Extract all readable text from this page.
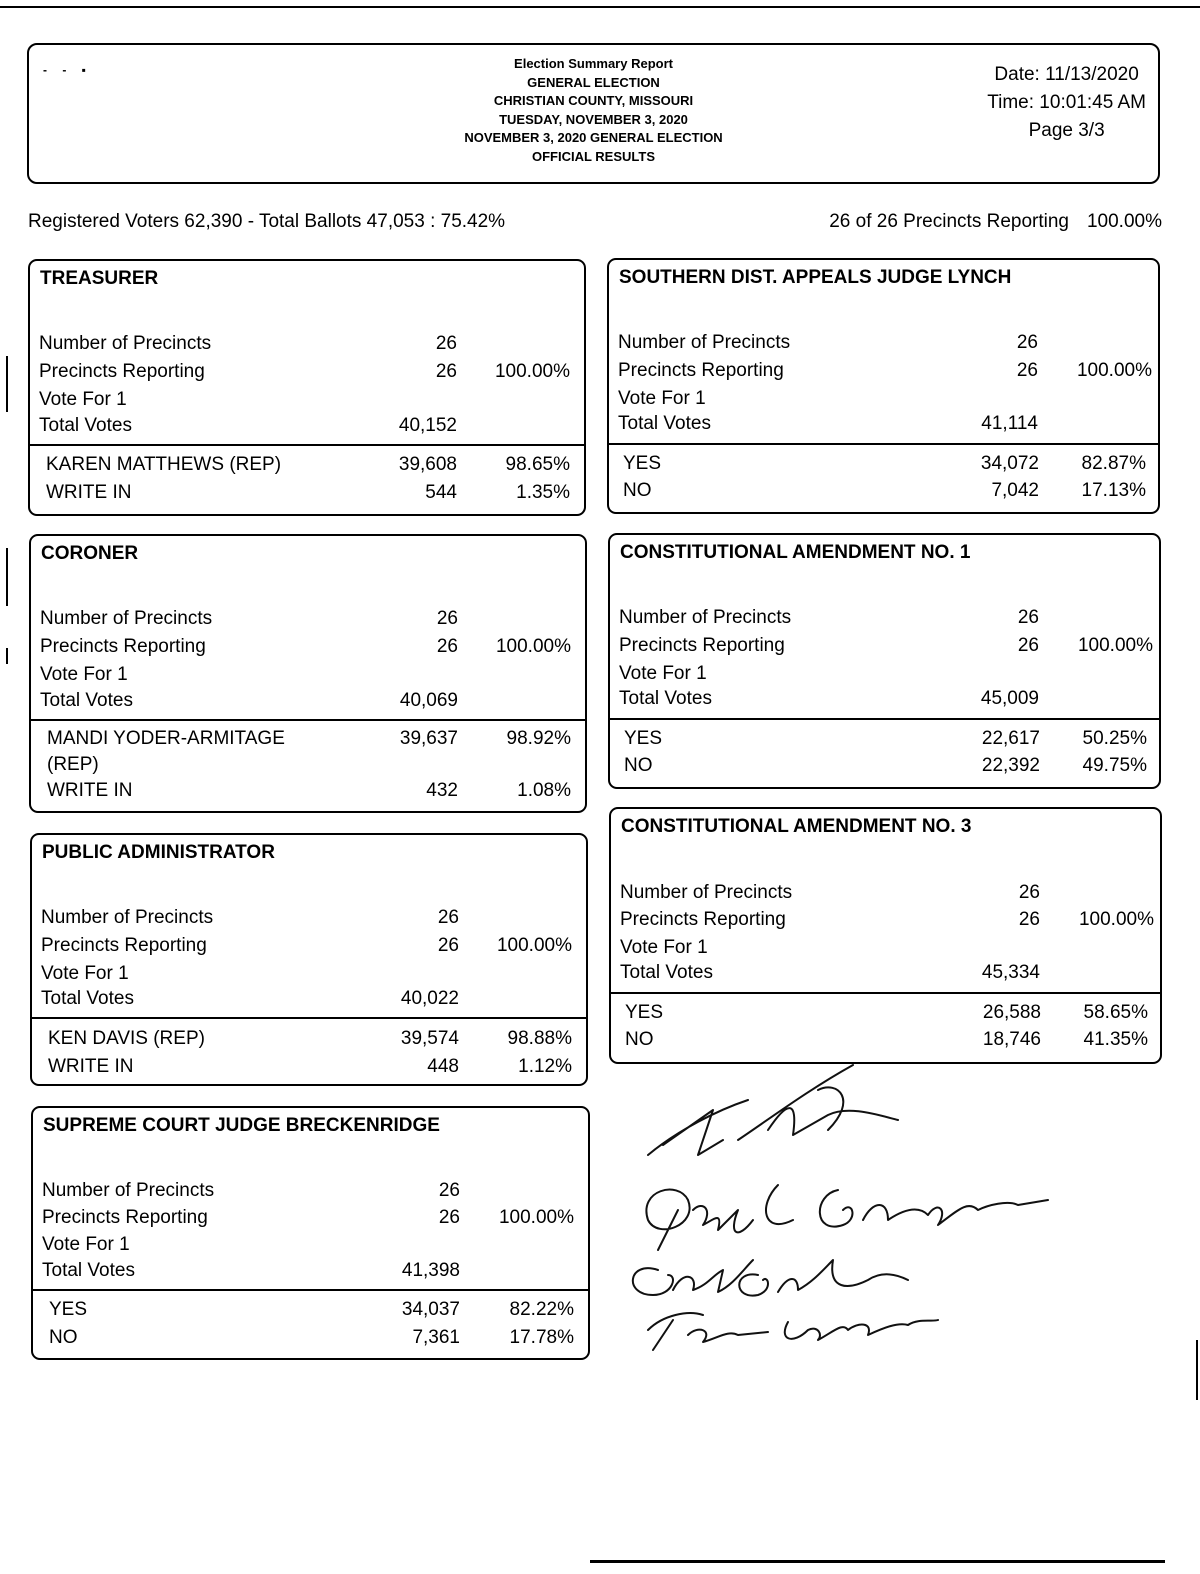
- - ▪	Election Summary Report
GENERAL ELECTION
CHRISTIAN COUNTY, MISSOURI
TUESDAY, NOVEMBER 3, 2020
NOVEMBER 3, 2020 GENERAL ELECTION
OFFICIAL RESULTS
Date: 11/13/2020
Time: 10:01:45 AM
Page 3/3
Registered Voters 62,390 - Total Ballots 47,053 : 75.42%	26 of 26 Precincts Reporting 100.00%
TREASURER
Number of Precincts	26
Precincts Reporting	26 100.00%
Vote For 1
Total Votes	40,152
KAREN MATTHEWS (REP)	39,608	98.65%
WRITE IN	544	1.35%
CORONER
Number of Precincts	26
Precincts Reporting	26 100.00%
Vote For 1
Total Votes	40,069
MANDI YODER-ARMITAGE	39,637	98.92%
(REP)
WRITE IN	432	1.08%
PUBLIC ADMINISTRATOR
Number of Precincts	26
Precincts Reporting	26 100.00%
Vote For 1
Total Votes	40,022
KEN DAVIS (REP)	39,574	98.88%
WRITE IN	448	1.12%
SUPREME COURT JUDGE BRECKENRIDGE
Number of Precincts	26
Precincts Reporting	26 100.00%
Vote For 1
Total Votes	41,398
YES	34,037	82.22%
NO	7,361	17.78%
SOUTHERN DIST. APPEALS JUDGE LYNCH
Number of Precincts	26
Precincts Reporting	26 100.00%
Vote For 1
Total Votes	41,114
YES	34,072 82.87%
NO	7,042 17.13%
CONSTITUTIONAL AMENDMENT NO. 1
Number of Precincts	26
Precincts Reporting	26 100.00%
Vote For 1
Total Votes	45,009
YES	22,617 50.25%
NO	22,392 49.75%
CONSTITUTIONAL AMENDMENT NO. 3
Number of Precincts	26
Precincts Reporting	26 100.00%
Vote For 1
Total Votes	45,334
YES	26,588 58.65%
NO	18,746 41.35%
